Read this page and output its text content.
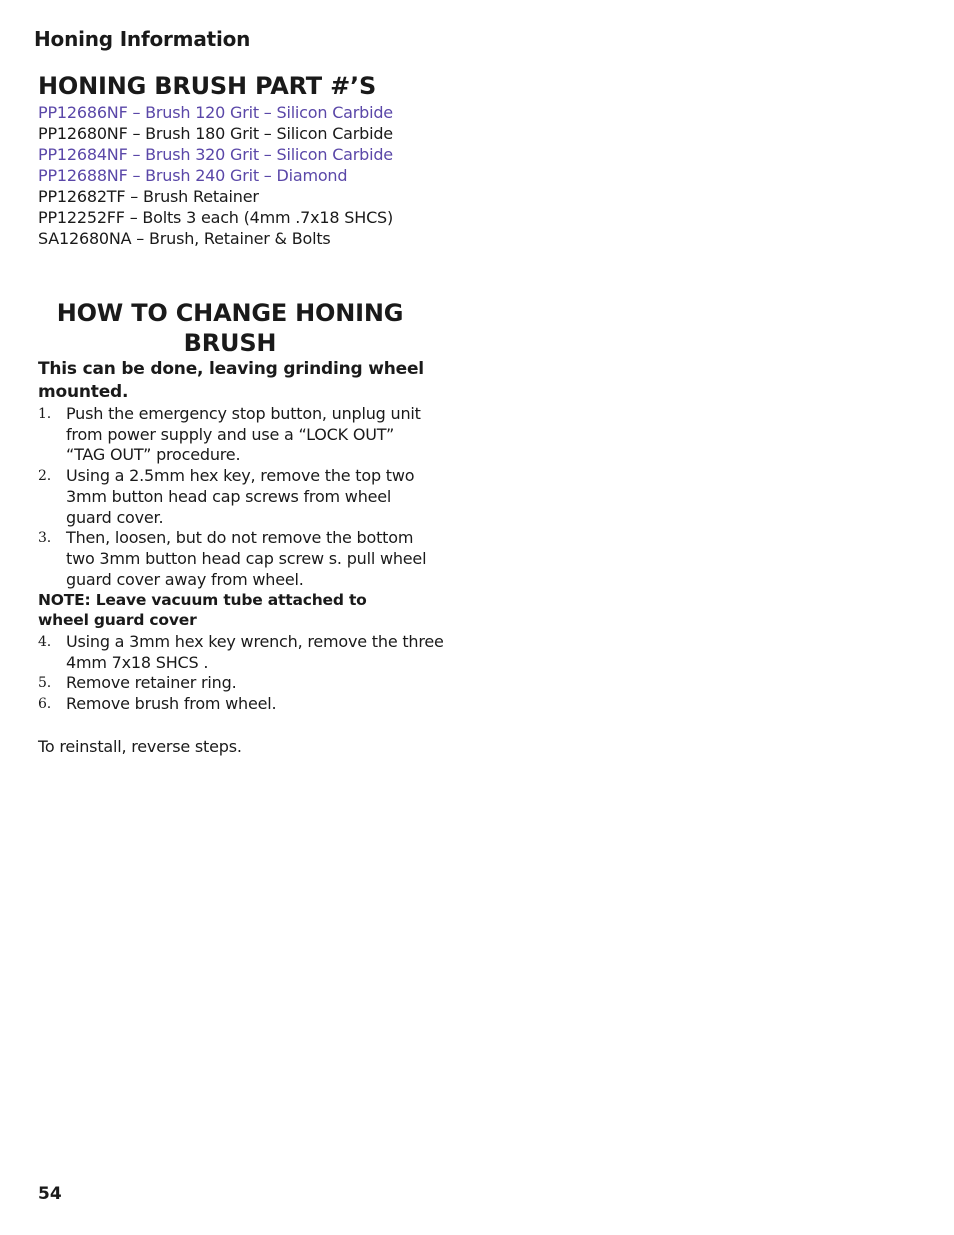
Honing Information
HONING BRUSH PART #’S
PP12686NF – Brush 120 Grit – Silicon Carbide
PP12680NF – Brush 180 Grit – Silicon Carbide
PP12684NF – Brush 320 Grit – Silicon Carbide
PP12688NF – Brush 240 Grit – Diamond
PP12682TF – Brush Retainer
PP12252FF – Bolts 3 each (4mm .7x18 SHCS)
SA12680NA – Brush, Retainer & Bolts
HOW TO CHANGE HONING
BRUSH
This can be done, leaving grinding wheel
mounted.
1. Push the emergency stop button, unplug unit
from power supply and use a “LOCK OUT”
“TAG OUT” procedure.
2. Using a 2.5mm hex key, remove the top two
3mm button head cap screws from wheel
guard cover.
3. Then, loosen, but do not remove the bottom
two 3mm button head cap screw s. pull wheel
guard cover away from wheel.
NOTE: Leave vacuum tube attached to
wheel guard cover
4. Using a 3mm hex key wrench, remove the three
4mm 7x18 SHCS .
5. Remove retainer ring.
6. Remove brush from wheel.
To reinstall, reverse steps.
54
